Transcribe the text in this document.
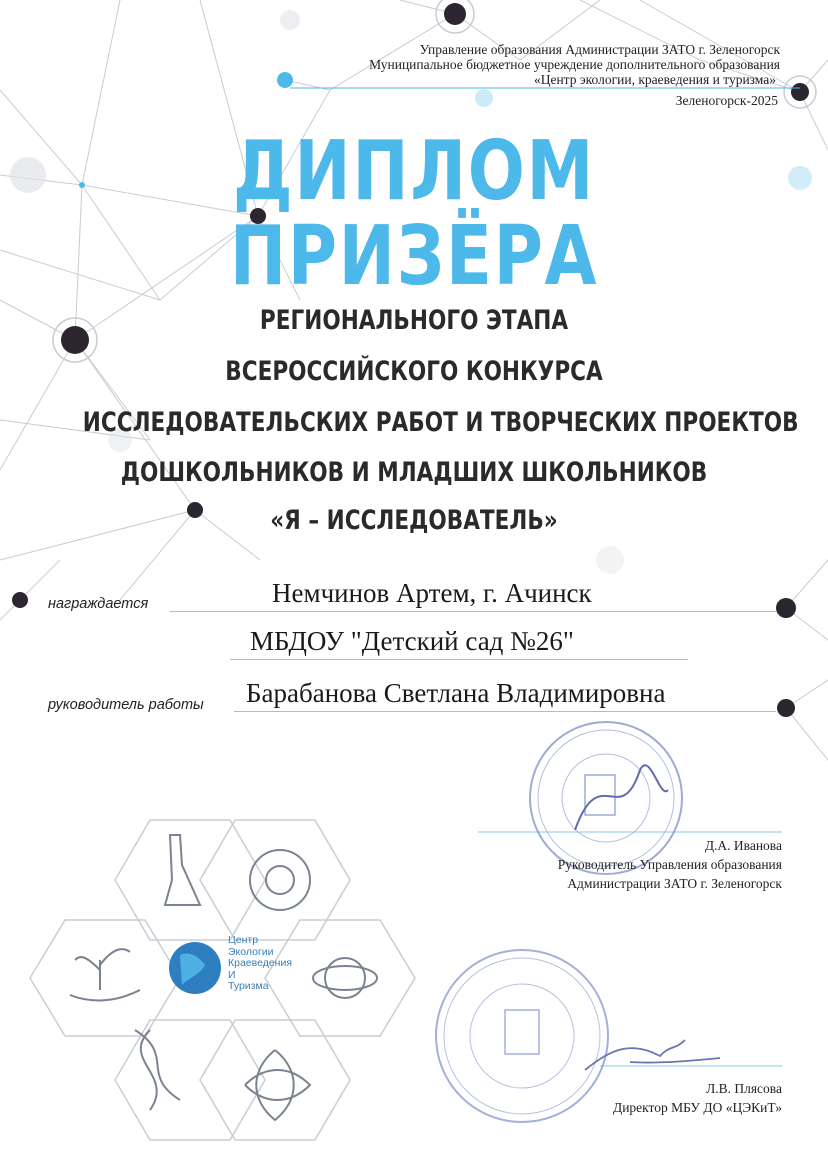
Управление образования Администрации ЗАТО г. Зеленогорск
Муниципальное бюджетное учреждение дополнительного образования
«Центр экологии, краеведения и туризма»
Зеленогорск-2025
ДИПЛОМ
ПРИЗЁРА
РЕГИОНАЛЬНОГО ЭТАПА
ВСЕРОССИЙСКОГО КОНКУРСА
ИССЛЕДОВАТЕЛЬСКИХ РАБОТ И ТВОРЧЕСКИХ ПРОЕКТОВ
ДОШКОЛЬНИКОВ И МЛАДШИХ ШКОЛЬНИКОВ
«Я – ИССЛЕДОВАТЕЛЬ»
награждается	Немчинов Артем, г. Ачинск
МБДОУ "Детский сад №26"
руководитель работы Барабанова Светлана Владимировна
Д.А. Иванова
Руководитель Управления образования
Администрации ЗАТО г. Зеленогорск
Л.В. Плясова
Директор МБУ ДО «ЦЭКиТ»
Центр
Экологии
Краеведения
И
Туризма
